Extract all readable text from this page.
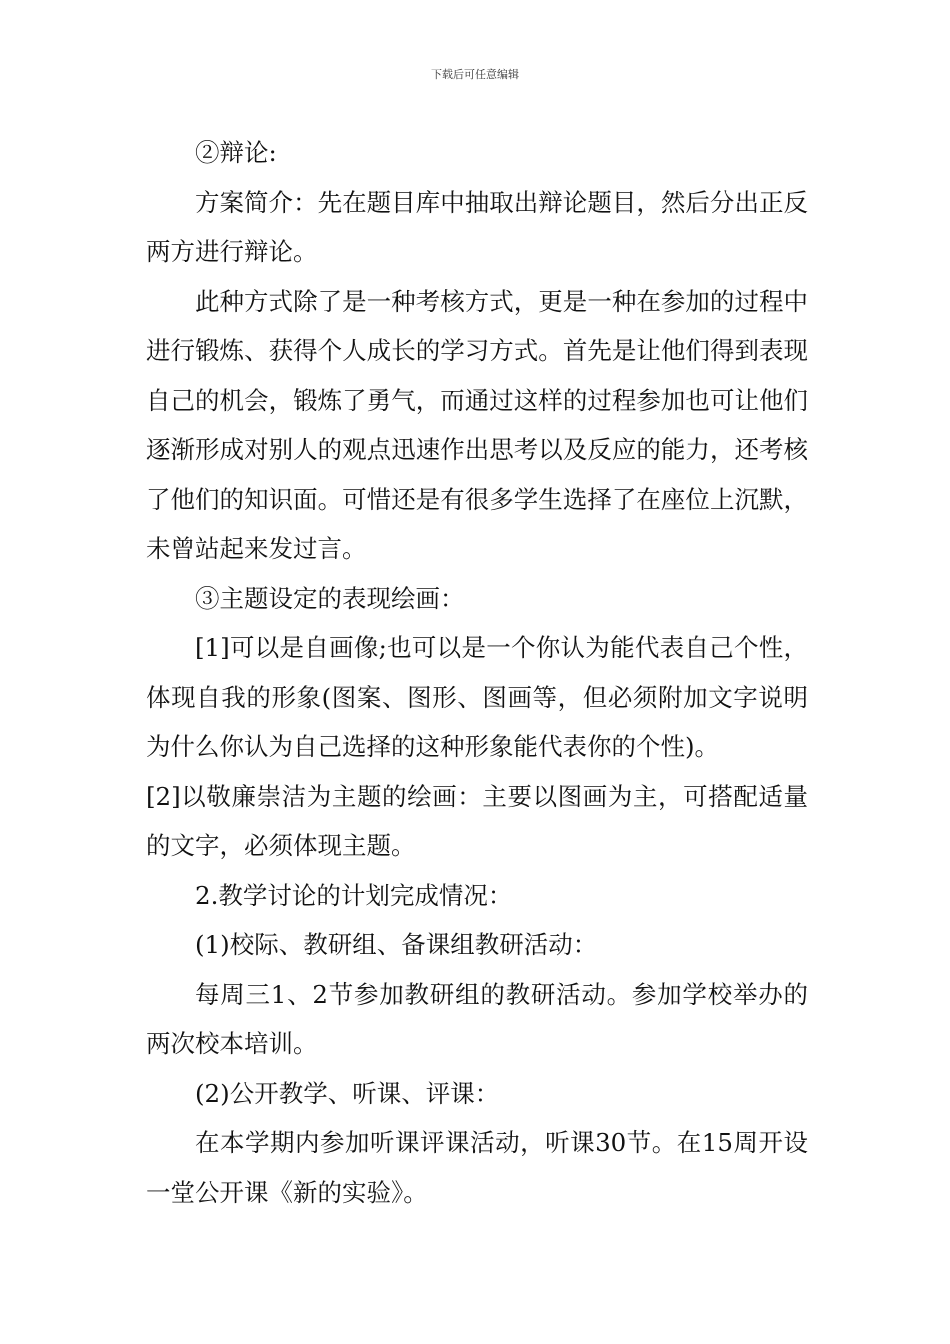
下载后可任意编辑

②辩论:

方案简介：先在题目库中抽取出辩论题目，然后分出正反两方进行辩论。

此种方式除了是一种考核方式，更是一种在参加的过程中进行锻炼、获得个人成长的学习方式。首先是让他们得到表现自己的机会，锻炼了勇气，而通过这样的过程参加也可让他们逐渐形成对别人的观点迅速作出思考以及反应的能力，还考核了他们的知识面。可惜还是有很多学生选择了在座位上沉默，未曾站起来发过言。

③主题设定的表现绘画：

[1]可以是自画像;也可以是一个你认为能代表自己个性，体现自我的形象(图案、图形、图画等，但必须附加文字说明为什么你认为自己选择的这种形象能代表你的个性)。

[2]以敬廉崇洁为主题的绘画：主要以图画为主，可搭配适量的文字，必须体现主题。

2.教学讨论的计划完成情况：

(1)校际、教研组、备课组教研活动：

每周三1、2节参加教研组的教研活动。参加学校举办的两次校本培训。

(2)公开教学、听课、评课：

在本学期内参加听课评课活动，听课30节。在15周开设一堂公开课《新的实验》。
